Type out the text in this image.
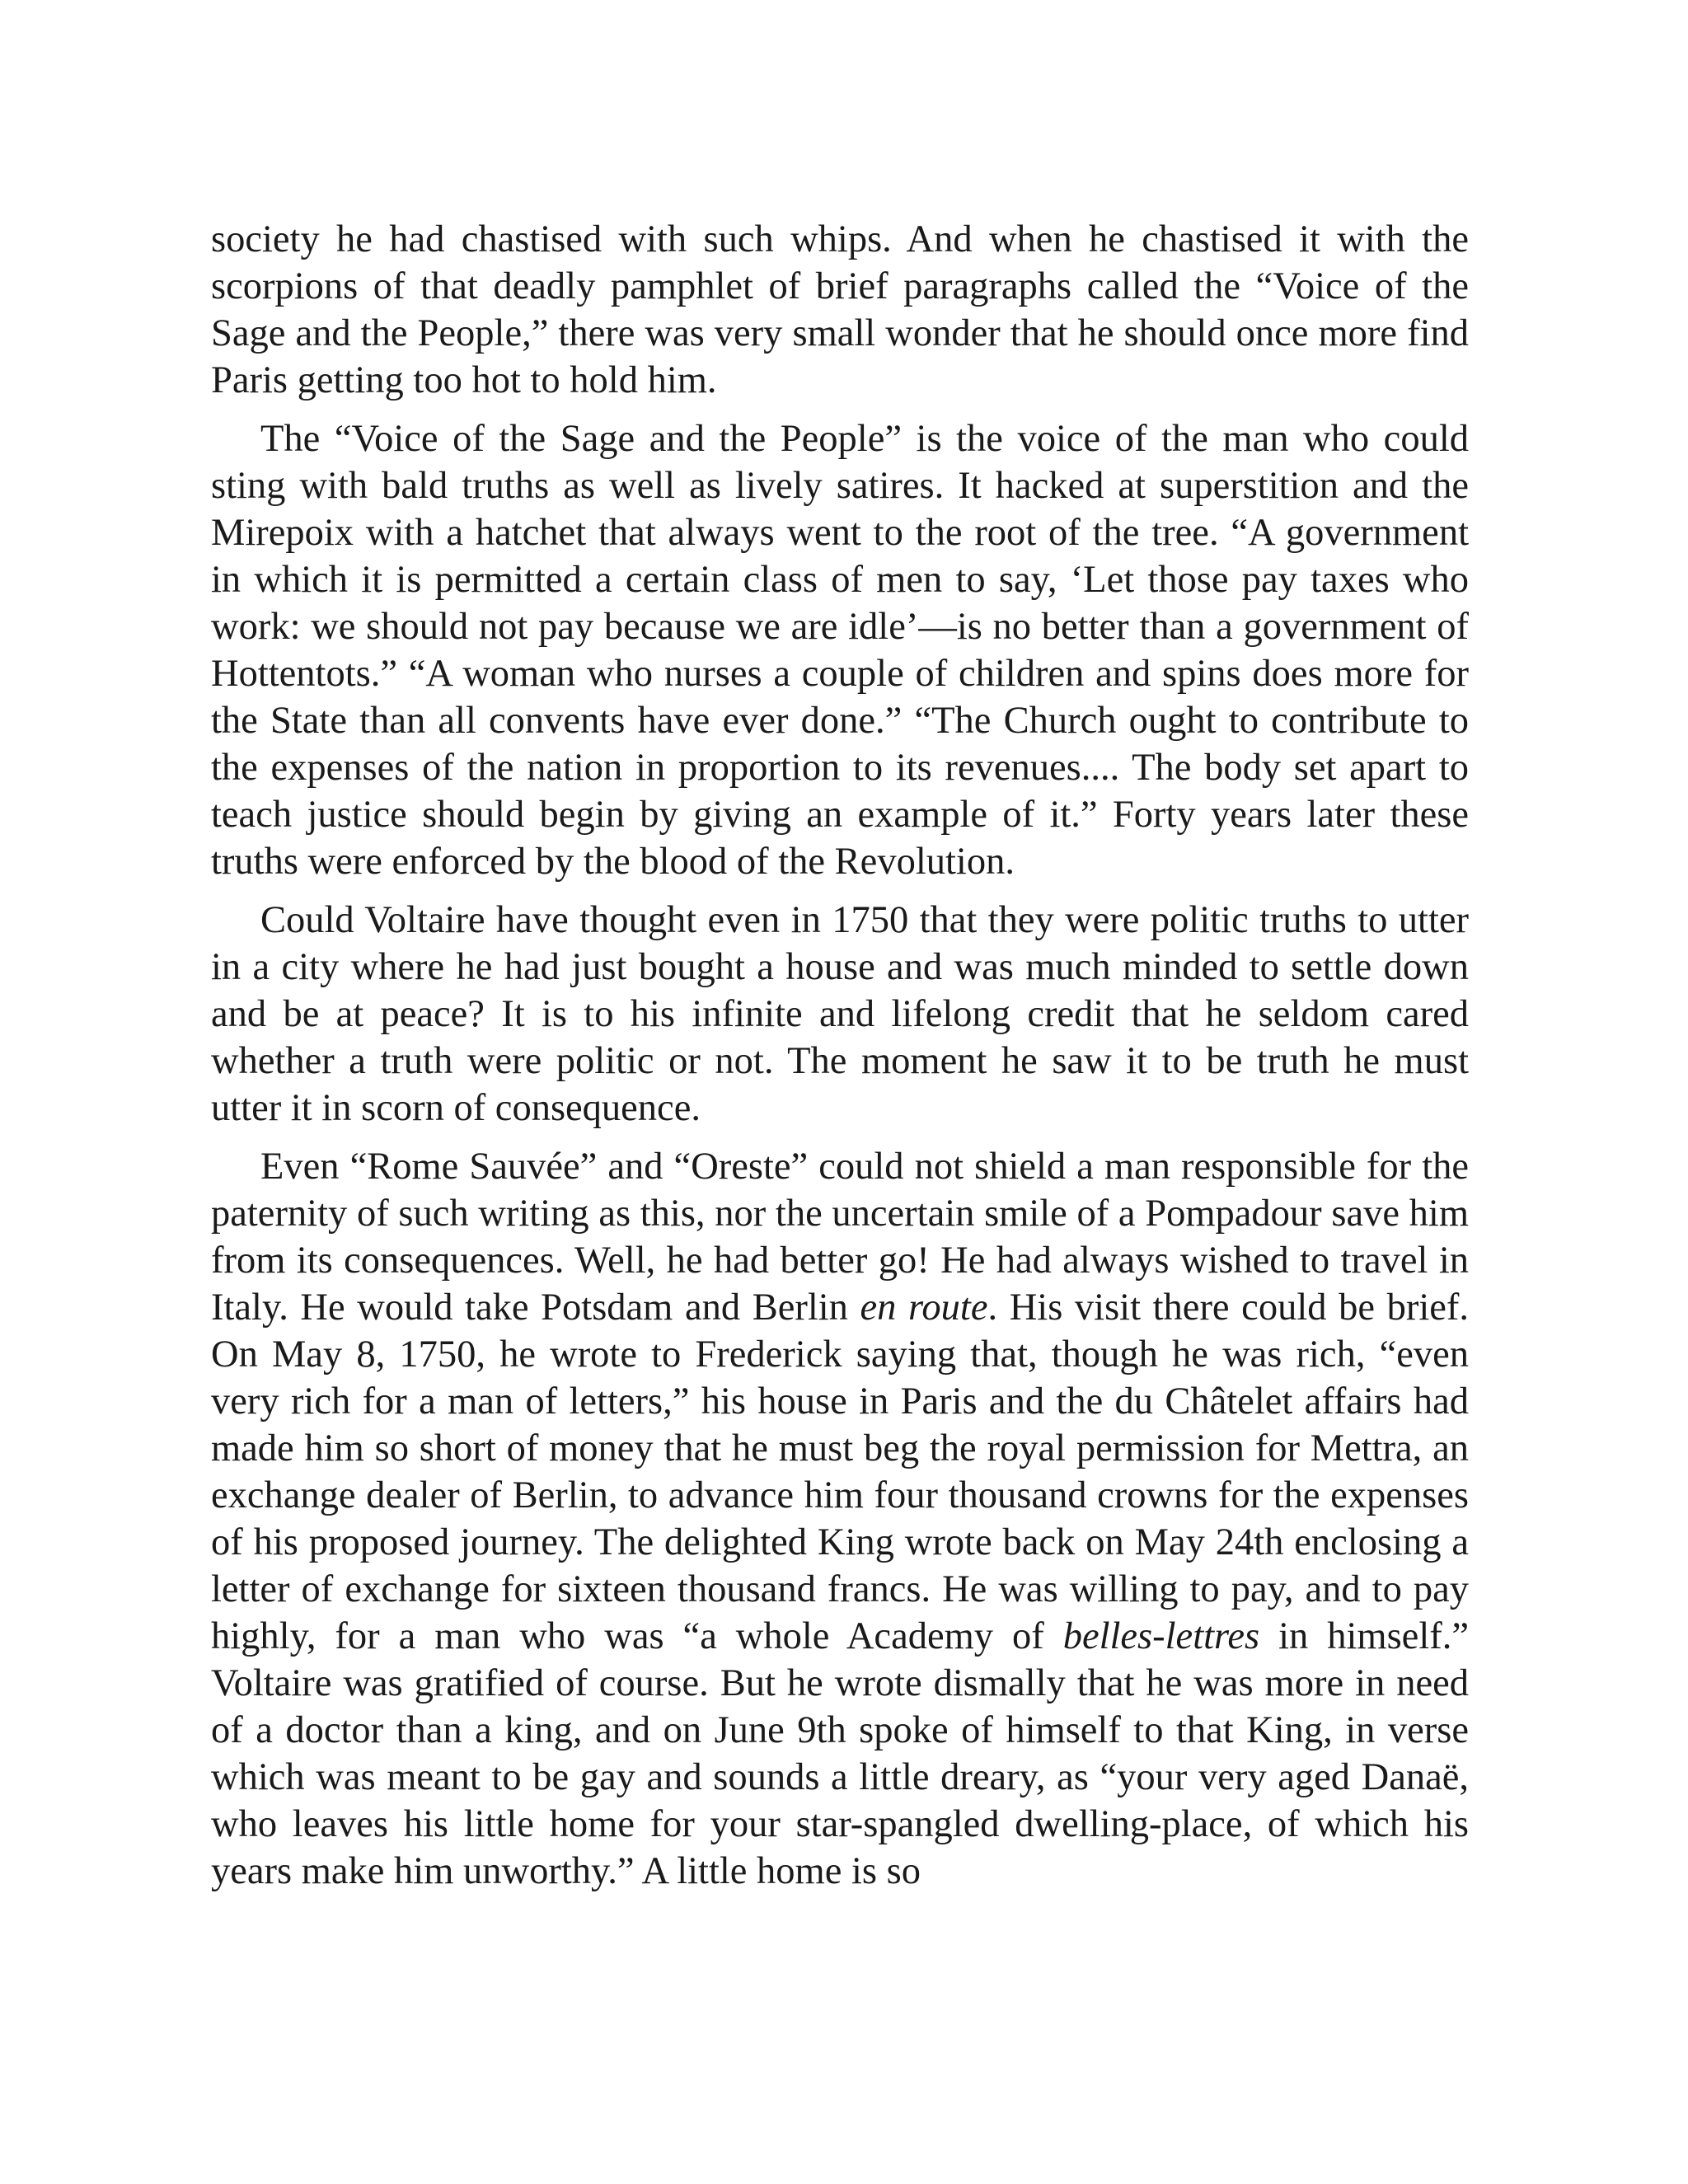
society he had chastised with such whips. And when he chastised it with the scorpions of that deadly pamphlet of brief paragraphs called the “Voice of the Sage and the People,” there was very small wonder that he should once more find Paris getting too hot to hold him.

The “Voice of the Sage and the People” is the voice of the man who could sting with bald truths as well as lively satires. It hacked at superstition and the Mirepoix with a hatchet that always went to the root of the tree. “A government in which it is permitted a certain class of men to say, ‘Let those pay taxes who work: we should not pay because we are idle’—is no better than a government of Hottentots.” “A woman who nurses a couple of children and spins does more for the State than all convents have ever done.” “The Church ought to contribute to the expenses of the nation in proportion to its revenues.... The body set apart to teach justice should begin by giving an example of it.” Forty years later these truths were enforced by the blood of the Revolution.

Could Voltaire have thought even in 1750 that they were politic truths to utter in a city where he had just bought a house and was much minded to settle down and be at peace? It is to his infinite and lifelong credit that he seldom cared whether a truth were politic or not. The moment he saw it to be truth he must utter it in scorn of consequence.

Even “Rome Sauvée” and “Oreste” could not shield a man responsible for the paternity of such writing as this, nor the uncertain smile of a Pompadour save him from its consequences. Well, he had better go! He had always wished to travel in Italy. He would take Potsdam and Berlin en route. His visit there could be brief. On May 8, 1750, he wrote to Frederick saying that, though he was rich, “even very rich for a man of letters,” his house in Paris and the du Châtelet affairs had made him so short of money that he must beg the royal permission for Mettra, an exchange dealer of Berlin, to advance him four thousand crowns for the expenses of his proposed journey. The delighted King wrote back on May 24th enclosing a letter of exchange for sixteen thousand francs. He was willing to pay, and to pay highly, for a man who was “a whole Academy of belles-lettres in himself.” Voltaire was gratified of course. But he wrote dismally that he was more in need of a doctor than a king, and on June 9th spoke of himself to that King, in verse which was meant to be gay and sounds a little dreary, as “your very aged Danaë, who leaves his little home for your star-spangled dwelling-place, of which his years make him unworthy.” A little home is so
